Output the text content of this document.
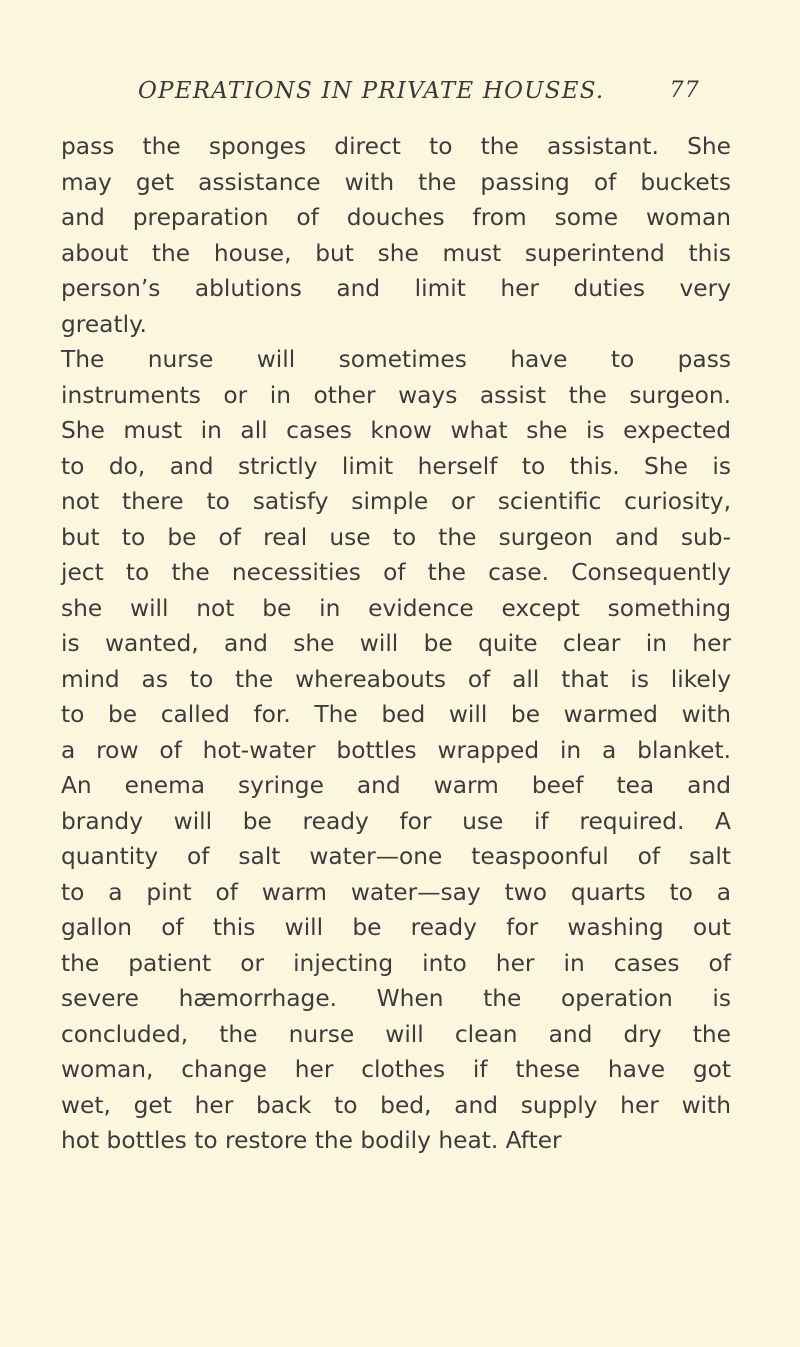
OPERATIONS IN PRIVATE HOUSES.	77
pass the sponges direct to the assistant. She
may get assistance with the passing of buckets
and preparation of douches from some woman
about the house, but she must superintend this
person’s ablutions and limit her duties very
greatly.
The nurse will sometimes have to pass
instruments or in other ways assist the surgeon.
She must in all cases know what she is expected
to do, and strictly limit herself to this. She is
not there to satisfy simple or scientific curiosity,
but to be of real use to the surgeon and sub-
ject to the necessities of the case. Consequently
she will not be in evidence except something
is wanted, and she will be quite clear in her
mind as to the whereabouts of all that is likely
to be called for. The bed will be warmed with
a row of hot-water bottles wrapped in a blanket.
An enema syringe and warm beef tea and
brandy will be ready for use if required. A
quantity of salt water—one teaspoonful of salt
to a pint of warm water—say two quarts to a
gallon of this will be ready for washing out
the patient or injecting into her in cases of
severe hæmorrhage. When the operation is
concluded, the nurse will clean and dry the
woman, change her clothes if these have got
wet, get her back to bed, and supply her with
hot bottles to restore the bodily heat. After
